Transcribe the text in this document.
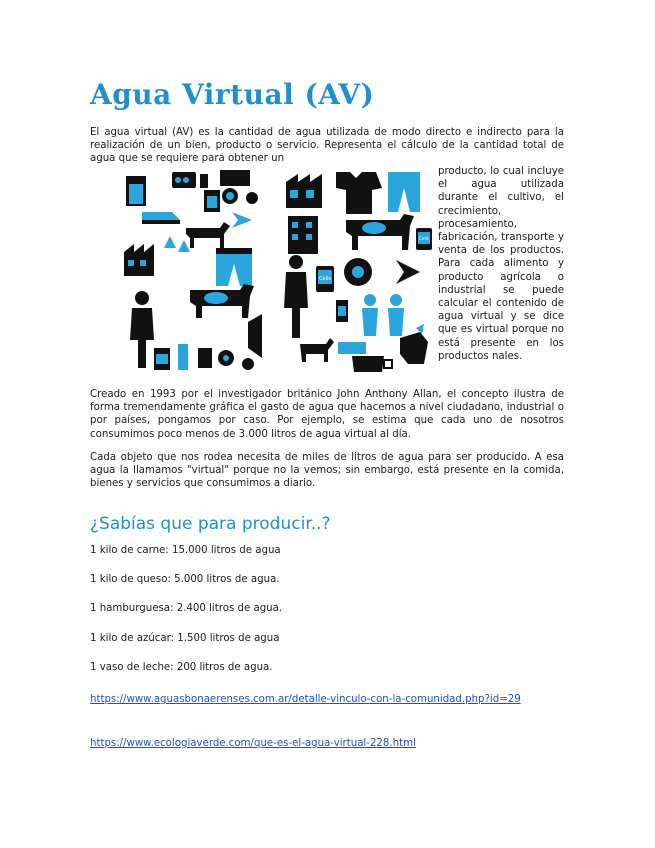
Agua Virtual (AV)

El agua virtual (AV) es la cantidad de agua utilizada de modo directo e indirecto para la realización de un bien, producto o servicio. Representa el cálculo de la cantidad total de agua que se requiere para obtener un

Cells
Cells

producto, lo cual incluye el agua utilizada durante el cultivo, el crecimiento, procesamiento, fabricación, transporte y venta de los productos. Para cada alimento y producto agrícola o industrial se puede calcular el contenido de agua virtual y se dice que es virtual porque no está presente en los productos nales.

Creado en 1993 por el investigador británico John Anthony Allan, el concepto ilustra de forma tremendamente gráfica el gasto de agua que hacemos a nivel ciudadano, industrial o por países, pongamos por caso. Por ejemplo, se estima que cada uno de nosotros consumimos poco menos de 3.000 litros de agua virtual al día.

Cada objeto que nos rodea necesita de miles de litros de agua para ser producido. A esa agua la llamamos "virtual" porque no la vemos; sin embargo, está presente en la comida, bienes y servicios que consumimos a diario.

¿Sabías que para producir..?

1 kilo de carne: 15.000 litros de agua

1 kilo de queso: 5.000 litros de agua.

1 hamburguesa: 2.400 litros de agua.

1 kilo de azúcar: 1.500 litros de agua

1 vaso de leche: 200 litros de agua.

https://www.aguasbonaerenses.com.ar/detalle-vinculo-con-la-comunidad.php?id=29
https://www.ecologiaverde.com/que-es-el-agua-virtual-228.html
